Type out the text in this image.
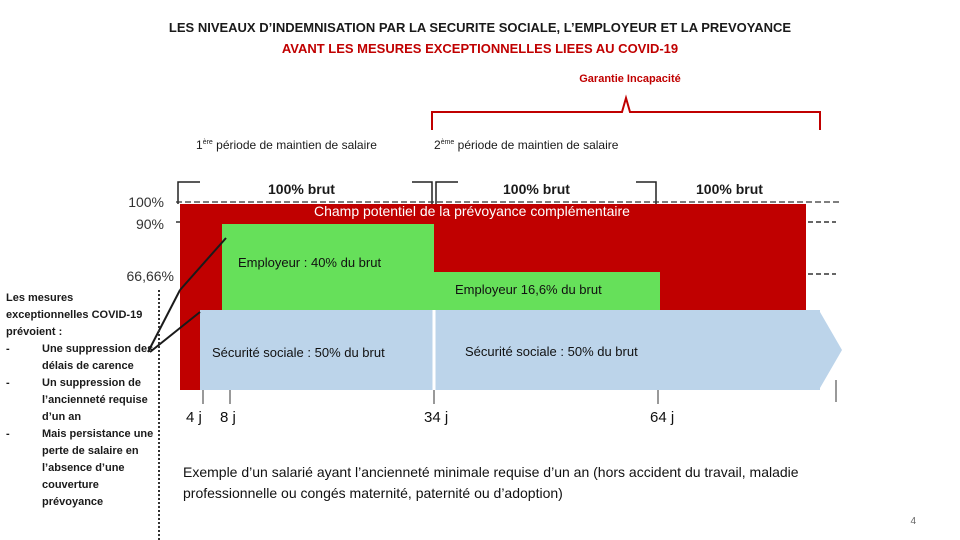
LES NIVEAUX D’INDEMNISATION PAR LA SECURITE SOCIALE, L’EMPLOYEUR ET LA PREVOYANCE
AVANT LES MESURES EXCEPTIONNELLES LIEES AU COVID-19
Garantie Incapacité
1ère période de maintien de salaire	2ème période de maintien de salaire
100%
90%
66,66%
100% brut	100% brut	100% brut
Champ potentiel de la prévoyance complémentaire
Employeur : 40% du brut
Employeur 16,6% du brut
Sécurité sociale : 50% du brut	Sécurité sociale : 50% du brut
4 j 8 j	34 j	64 j
Les mesures exceptionnelles COVID-19 prévoient :
- Une suppression des délais de carence
- Un suppression de l’ancienneté requise d’un an
- Mais persistance une perte de salaire en l’absence d’une couverture prévoyance
Exemple d’un salarié ayant l’ancienneté minimale requise d’un an (hors accident du travail, maladie professionnelle ou congés maternité, paternité ou d’adoption)
4
